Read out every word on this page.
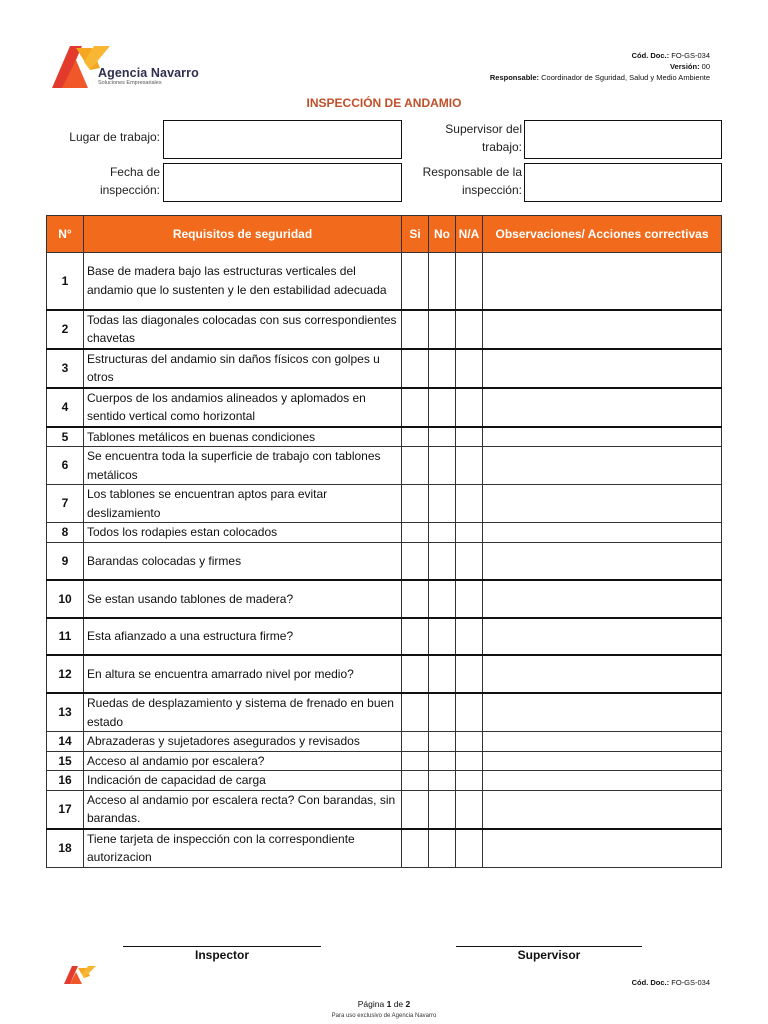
Agencia Navarro
Soluciones Empresariales
Cód. Doc.: FO-GS-034
Versión: 00
Responsable: Coordinador de Sgurida​d, Salud y Medio Ambiente
INSPECCIÓN DE ANDAMIO
Lugar de trabajo:
Supervisor del trabajo:
Fecha de inspección:
Responsable de la inspección:
N°	Requisitos de seguridad	Si	No	N/A	Observaciones/ Acciones correctivas
1	Base de madera bajo las estructuras verticales del andamio que lo sustenten y le den estabilidad adecuada				
2	Todas las diagonales colocadas con sus correspondientes chavetas				
3	Estructuras del andamio sin daños físicos con golpes u otros				
4	Cuerpos de los andamios alineados y aplomados en sentido vertical como horizontal				
5	Tablones metálicos en buenas condiciones				
6	Se encuentra toda la superficie de trabajo con tablones metálicos				
7	Los tablones se encuentran aptos para evitar deslizamiento				
8	Todos los rodapies estan colocados				
9	Barandas colocadas y firmes				
10	Se estan usando tablones de madera?				
11	Esta afianzado a una estructura firme?				
12	En altura se encuentra amarrado nivel por medio?				
13	Ruedas de desplazamiento y sistema de frenado en buen estado				
14	Abrazaderas y sujetadores asegurados y revisados				
15	Acceso al andamio por escalera?				
16	Indicación de capacidad de carga				
17	Acceso al andamio por escalera recta? Con barandas, sin barandas.				
18	Tiene tarjeta de inspección con la correspondiente autorizacion				
Inspector	Supervisor
Cód. Doc.: FO-GS-034
Página 1 de 2
Para uso exclusivo de Agencia Navarro
